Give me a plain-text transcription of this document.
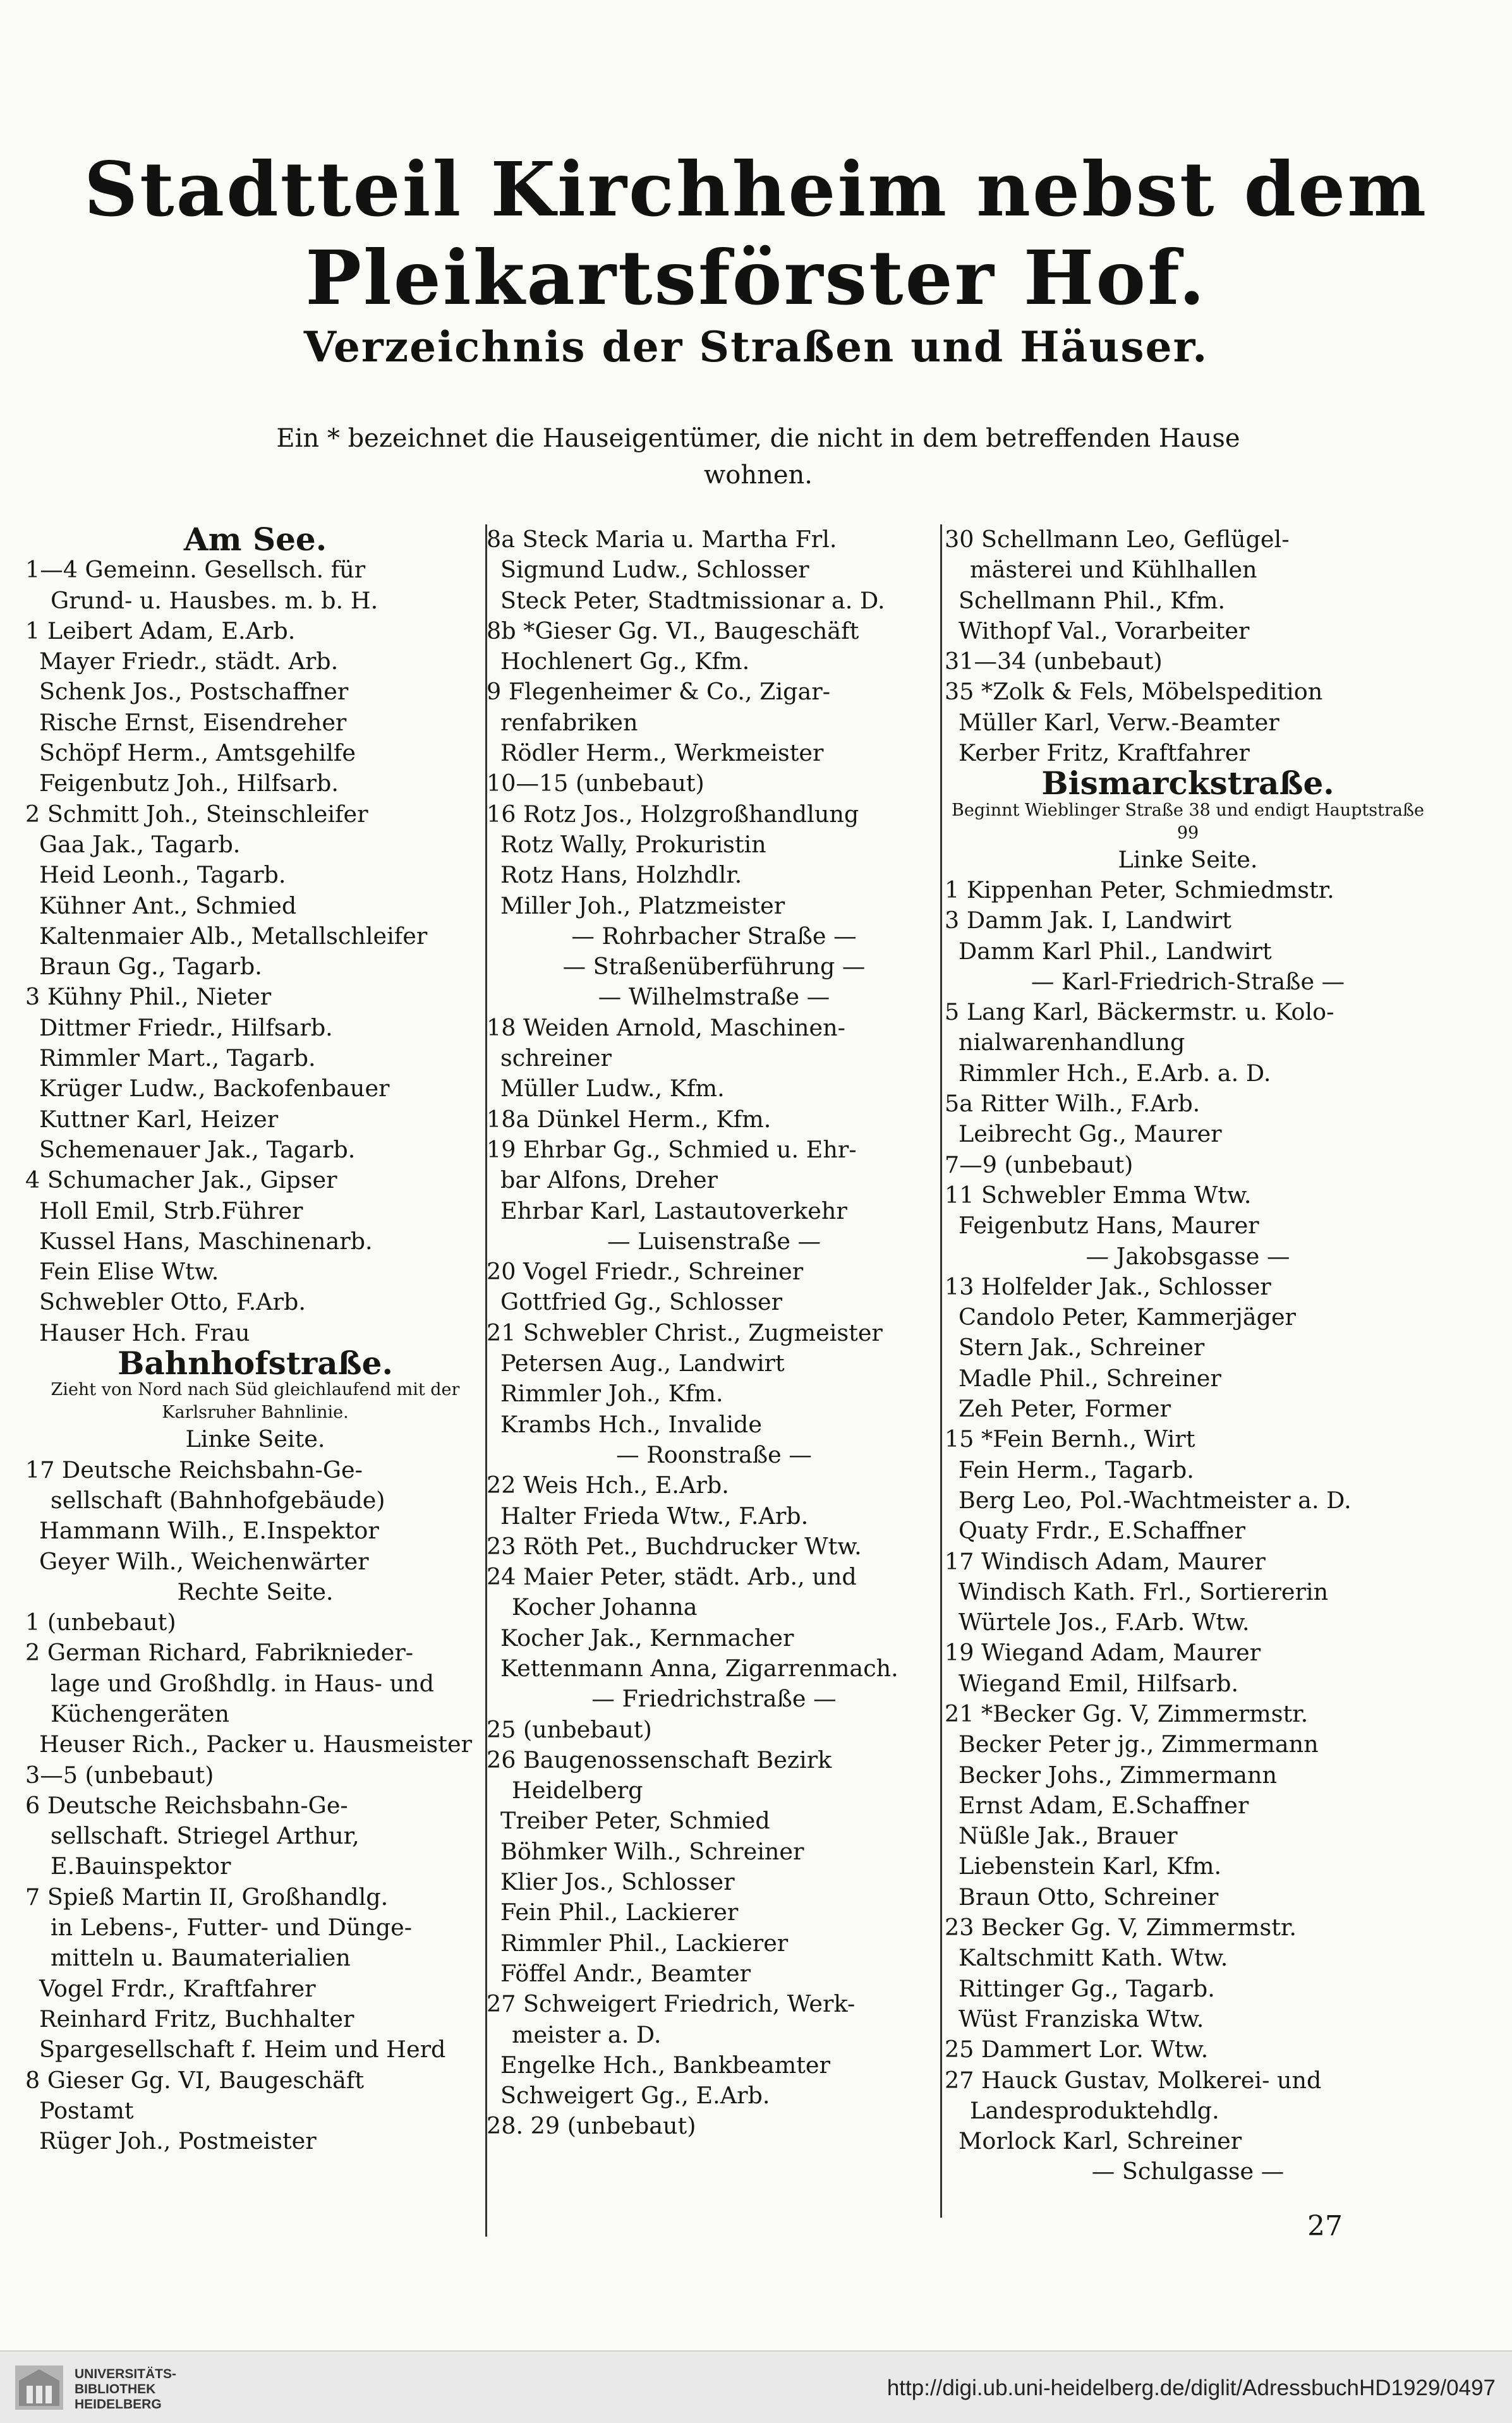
Stadtteil Kirchheim nebst dem
Pleikartsförster Hof.
Verzeichnis der Straßen und Häuser.
Ein * bezeichnet die Hauseigentümer, die nicht in dem betreffenden Hause wohnen.
Am See.
1—4 Gemeinn. Gesellsch. für
Grund- u. Hausbes. m. b. H.
1 Leibert Adam, E.Arb.
Mayer Friedr., städt. Arb.
Schenk Jos., Postschaffner
Rische Ernst, Eisendreher
Schöpf Herm., Amtsgehilfe
Feigenbutz Joh., Hilfsarb.
2 Schmitt Joh., Steinschleifer
Gaa Jak., Tagarb.
Heid Leonh., Tagarb.
Kühner Ant., Schmied
Kaltenmaier Alb., Metallschleifer
Braun Gg., Tagarb.
3 Kühny Phil., Nieter
Dittmer Friedr., Hilfsarb.
Rimmler Mart., Tagarb.
Krüger Ludw., Backofenbauer
Kuttner Karl, Heizer
Schemenauer Jak., Tagarb.
4 Schumacher Jak., Gipser
Holl Emil, Strb.Führer
Kussel Hans, Maschinenarb.
Fein Elise Wtw.
Schwebler Otto, F.Arb.
Hauser Hch. Frau
Bahnhofstraße.
Zieht von Nord nach Süd gleichlaufend mit der Karlsruher Bahnlinie.
Linke Seite.
17 Deutsche Reichsbahn-Ge-
sellschaft (Bahnhofgebäude)
Hammann Wilh., E.Inspektor
Geyer Wilh., Weichenwärter
Rechte Seite.
1 (unbebaut)
2 German Richard, Fabriknieder-
lage und Großhdlg. in Haus- und
Küchengeräten
Heuser Rich., Packer u. Hausmeister
3—5 (unbebaut)
6 Deutsche Reichsbahn-Ge-
sellschaft. Striegel Arthur,
E.Bauinspektor
7 Spieß Martin II, Großhandlg.
in Lebens-, Futter- und Dünge-
mitteln u. Baumaterialien
Vogel Frdr., Kraftfahrer
Reinhard Fritz, Buchhalter
Spargesellschaft f. Heim und Herd
8 Gieser Gg. VI, Baugeschäft
Postamt
Rüger Joh., Postmeister
8a Steck Maria u. Martha Frl.
Sigmund Ludw., Schlosser
Steck Peter, Stadtmissionar a. D.
8b *Gieser Gg. VI., Baugeschäft
Hochlenert Gg., Kfm.
9 Flegenheimer & Co., Zigar-
renfabriken
Rödler Herm., Werkmeister
10—15 (unbebaut)
16 Rotz Jos., Holzgroßhandlung
Rotz Wally, Prokuristin
Rotz Hans, Holzhdlr.
Miller Joh., Platzmeister
— Rohrbacher Straße —
— Straßenüberführung —
— Wilhelmstraße —
18 Weiden Arnold, Maschinen-
schreiner
Müller Ludw., Kfm.
18a Dünkel Herm., Kfm.
19 Ehrbar Gg., Schmied u. Ehr-
bar Alfons, Dreher
Ehrbar Karl, Lastautoverkehr
— Luisenstraße —
20 Vogel Friedr., Schreiner
Gottfried Gg., Schlosser
21 Schwebler Christ., Zugmeister
Petersen Aug., Landwirt
Rimmler Joh., Kfm.
Krambs Hch., Invalide
— Roonstraße —
22 Weis Hch., E.Arb.
Halter Frieda Wtw., F.Arb.
23 Röth Pet., Buchdrucker Wtw.
24 Maier Peter, städt. Arb., und
Kocher Johanna
Kocher Jak., Kernmacher
Kettenmann Anna, Zigarrenmach.
— Friedrichstraße —
25 (unbebaut)
26 Baugenossenschaft Bezirk
Heidelberg
Treiber Peter, Schmied
Böhmker Wilh., Schreiner
Klier Jos., Schlosser
Fein Phil., Lackierer
Rimmler Phil., Lackierer
Föffel Andr., Beamter
27 Schweigert Friedrich, Werk-
meister a. D.
Engelke Hch., Bankbeamter
Schweigert Gg., E.Arb.
28. 29 (unbebaut)
30 Schellmann Leo, Geflügel-
mästerei und Kühlhallen
Schellmann Phil., Kfm.
Withopf Val., Vorarbeiter
31—34 (unbebaut)
35 *Zolk & Fels, Möbelspedition
Müller Karl, Verw.-Beamter
Kerber Fritz, Kraftfahrer
Bismarckstraße.
Beginnt Wieblinger Straße 38 und endigt Hauptstraße 99
Linke Seite.
1 Kippenhan Peter, Schmiedmstr.
3 Damm Jak. I, Landwirt
Damm Karl Phil., Landwirt
— Karl-Friedrich-Straße —
5 Lang Karl, Bäckermstr. u. Kolo-
nialwarenhandlung
Rimmler Hch., E.Arb. a. D.
5a Ritter Wilh., F.Arb.
Leibrecht Gg., Maurer
7—9 (unbebaut)
11 Schwebler Emma Wtw.
Feigenbutz Hans, Maurer
— Jakobsgasse —
13 Holfelder Jak., Schlosser
Candolo Peter, Kammerjäger
Stern Jak., Schreiner
Madle Phil., Schreiner
Zeh Peter, Former
15 *Fein Bernh., Wirt
Fein Herm., Tagarb.
Berg Leo, Pol.-Wachtmeister a. D.
Quaty Frdr., E.Schaffner
17 Windisch Adam, Maurer
Windisch Kath. Frl., Sortiererin
Würtele Jos., F.Arb. Wtw.
19 Wiegand Adam, Maurer
Wiegand Emil, Hilfsarb.
21 *Becker Gg. V, Zimmermstr.
Becker Peter jg., Zimmermann
Becker Johs., Zimmermann
Ernst Adam, E.Schaffner
Nüßle Jak., Brauer
Liebenstein Karl, Kfm.
Braun Otto, Schreiner
23 Becker Gg. V, Zimmermstr.
Kaltschmitt Kath. Wtw.
Rittinger Gg., Tagarb.
Wüst Franziska Wtw.
25 Dammert Lor. Wtw.
27 Hauck Gustav, Molkerei- und
Landesproduktehdlg.
Morlock Karl, Schreiner
— Schulgasse —
27
UNIVERSITÄTS-
BIBLIOTHEK
HEIDELBERG
http://digi.ub.uni-heidelberg.de/diglit/AdressbuchHD1929/0497
